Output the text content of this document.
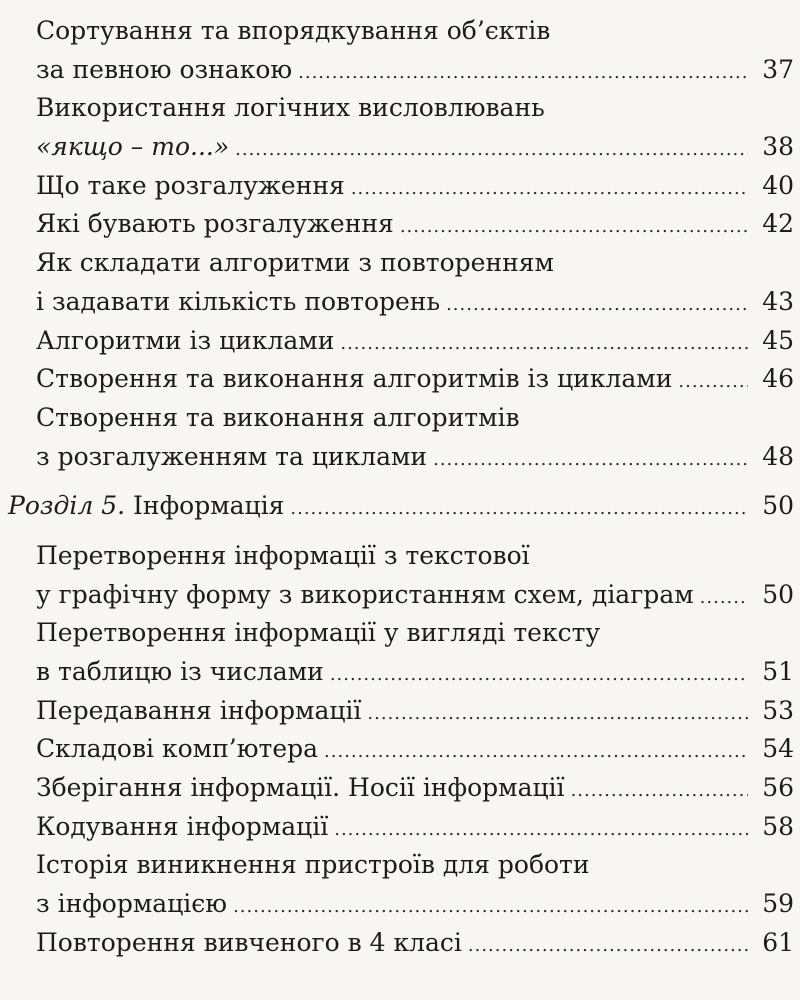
Сортування та впорядкування об’єктів
за певною ознакою .....	37
Використання логічних висловлювань
«якщо – то...» .....	38
Що таке розгалуження .....	40
Які бувають розгалуження .....	42
Як складати алгоритми з повторенням
і задавати кількість повторень .....	43
Алгоритми із циклами .....	45
Створення та виконання алгоритмів із циклами .....	46
Створення та виконання алгоритмів
з розгалуженням та циклами .....	48
Розділ 5. Інформація .....	50
Перетворення інформації з текстової
у графічну форму з використанням схем, діаграм .....	50
Перетворення інформації у вигляді тексту
в таблицю із числами .....	51
Передавання інформації .....	53
Складові комп’ютера .....	54
Зберігання інформації. Носії інформації .....	56
Кодування інформації .....	58
Історія виникнення пристроїв для роботи
з інформацією .....	59
Повторення вивченого в 4 класі .....	61
